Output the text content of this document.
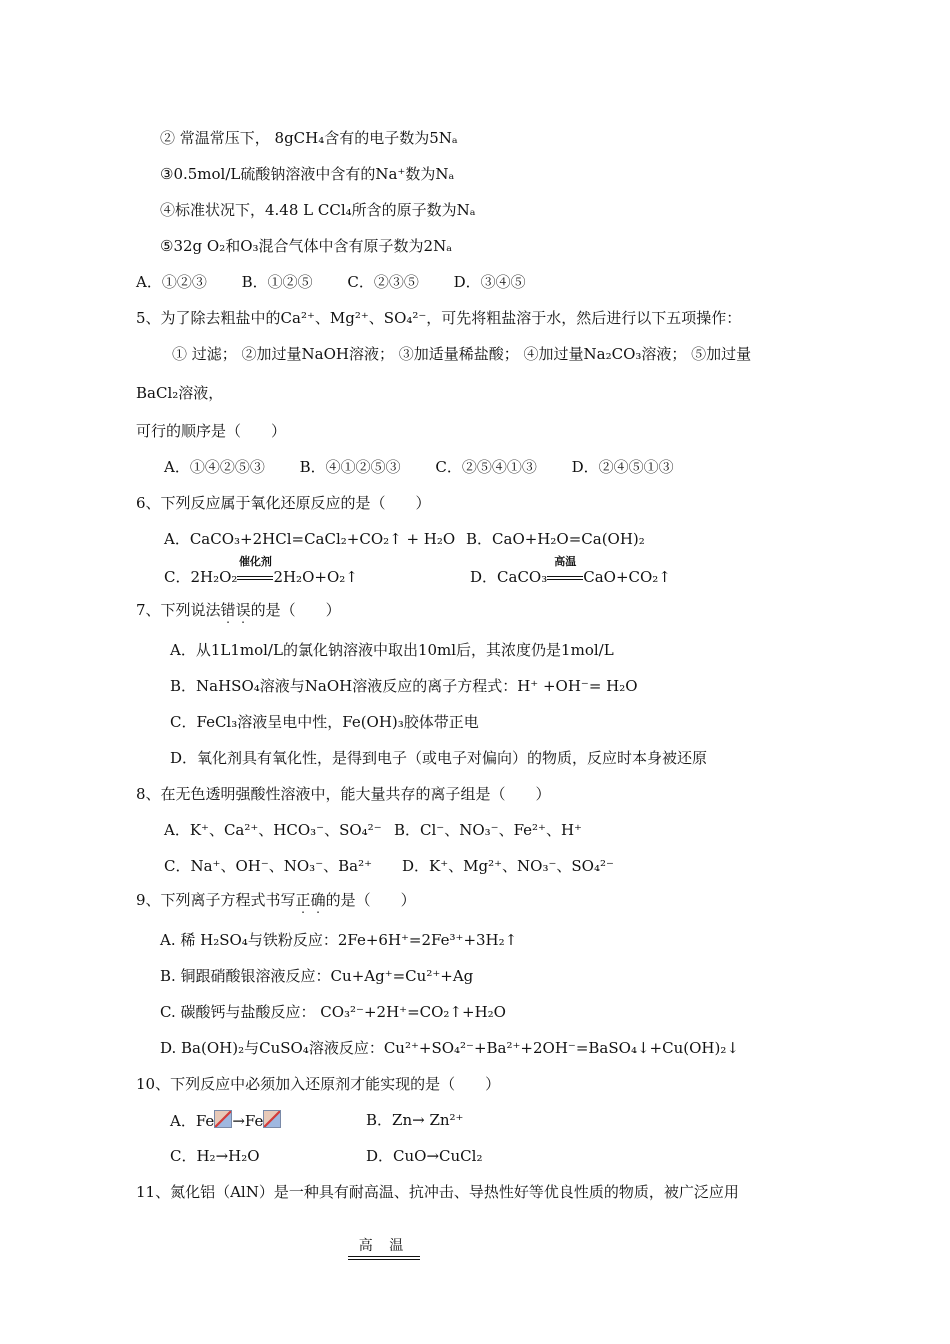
② 常温常压下， 8gCH₄含有的电子数为5Nₐ
③0.5mol/L硫酸钠溶液中含有的Na⁺数为Nₐ
④标准状况下，4.48 L CCl₄所含的原子数为Nₐ
⑤32g O₂和O₃混合气体中含有原子数为2Nₐ
A．①②③　　 B．①②⑤　　 C．②③⑤　　 D．③④⑤
5、为了除去粗盐中的Ca²⁺、Mg²⁺、SO₄²⁻，可先将粗盐溶于水，然后进行以下五项操作：
① 过滤； ②加过量NaOH溶液； ③加适量稀盐酸； ④加过量Na₂CO₃溶液； ⑤加过量
BaCl₂溶液，
可行的顺序是（　　）
A．①④②⑤③　　 B．④①②⑤③　　 C．②⑤④①③　　 D．②④⑤①③
6、下列反应属于氧化还原反应的是（　　）
A．CaCO₃+2HCl=CaCl₂+CO₂↑ + H₂O B．CaO+H₂O=Ca(OH)₂
C．2H₂O₂
催化剂
2H₂O+O₂↑	D．CaCO₃
高温
CaO+CO₂↑
7、下列说法错误的是（　　）
A．从1L1mol/L的氯化钠溶液中取出10ml后，其浓度仍是1mol/L
B．NaHSO₄溶液与NaOH溶液反应的离子方程式：H⁺ +OH⁻= H₂O
C．FeCl₃溶液呈电中性，Fe(OH)₃胶体带正电
D．氧化剂具有氧化性，是得到电子（或电子对偏向）的物质，反应时本身被还原
8、在无色透明强酸性溶液中，能大量共存的离子组是（　　）
A．K⁺、Ca²⁺、HCO₃⁻、SO₄²⁻ B．Cl⁻、NO₃⁻、Fe²⁺、H⁺
C．Na⁺、OH⁻、NO₃⁻、Ba²⁺ D．K⁺、Mg²⁺、NO₃⁻、SO₄²⁻
9、下列离子方程式书写正确的是（　　）
A. 稀 H₂SO₄与铁粉反应：2Fe+6H⁺=2Fe³⁺+3H₂↑
B. 铜跟硝酸银溶液反应：Cu+Ag⁺=Cu²⁺+Ag
C. 碳酸钙与盐酸反应： CO₃²⁻+2H⁺=CO₂↑+H₂O
D. Ba(OH)₂与CuSO₄溶液反应：Cu²⁺+SO₄²⁻+Ba²⁺+2OH⁻=BaSO₄↓+Cu(OH)₂↓
10、下列反应中必须加入还原剂才能实现的是（　　）
A．Fe →Fe	B．Zn→ Zn²⁺
C．H₂→H₂O	D．CuO→CuCl₂
11、氮化铝（AlN）是一种具有耐高温、抗冲击、导热性好等优良性质的物质，被广泛应用
高 温
